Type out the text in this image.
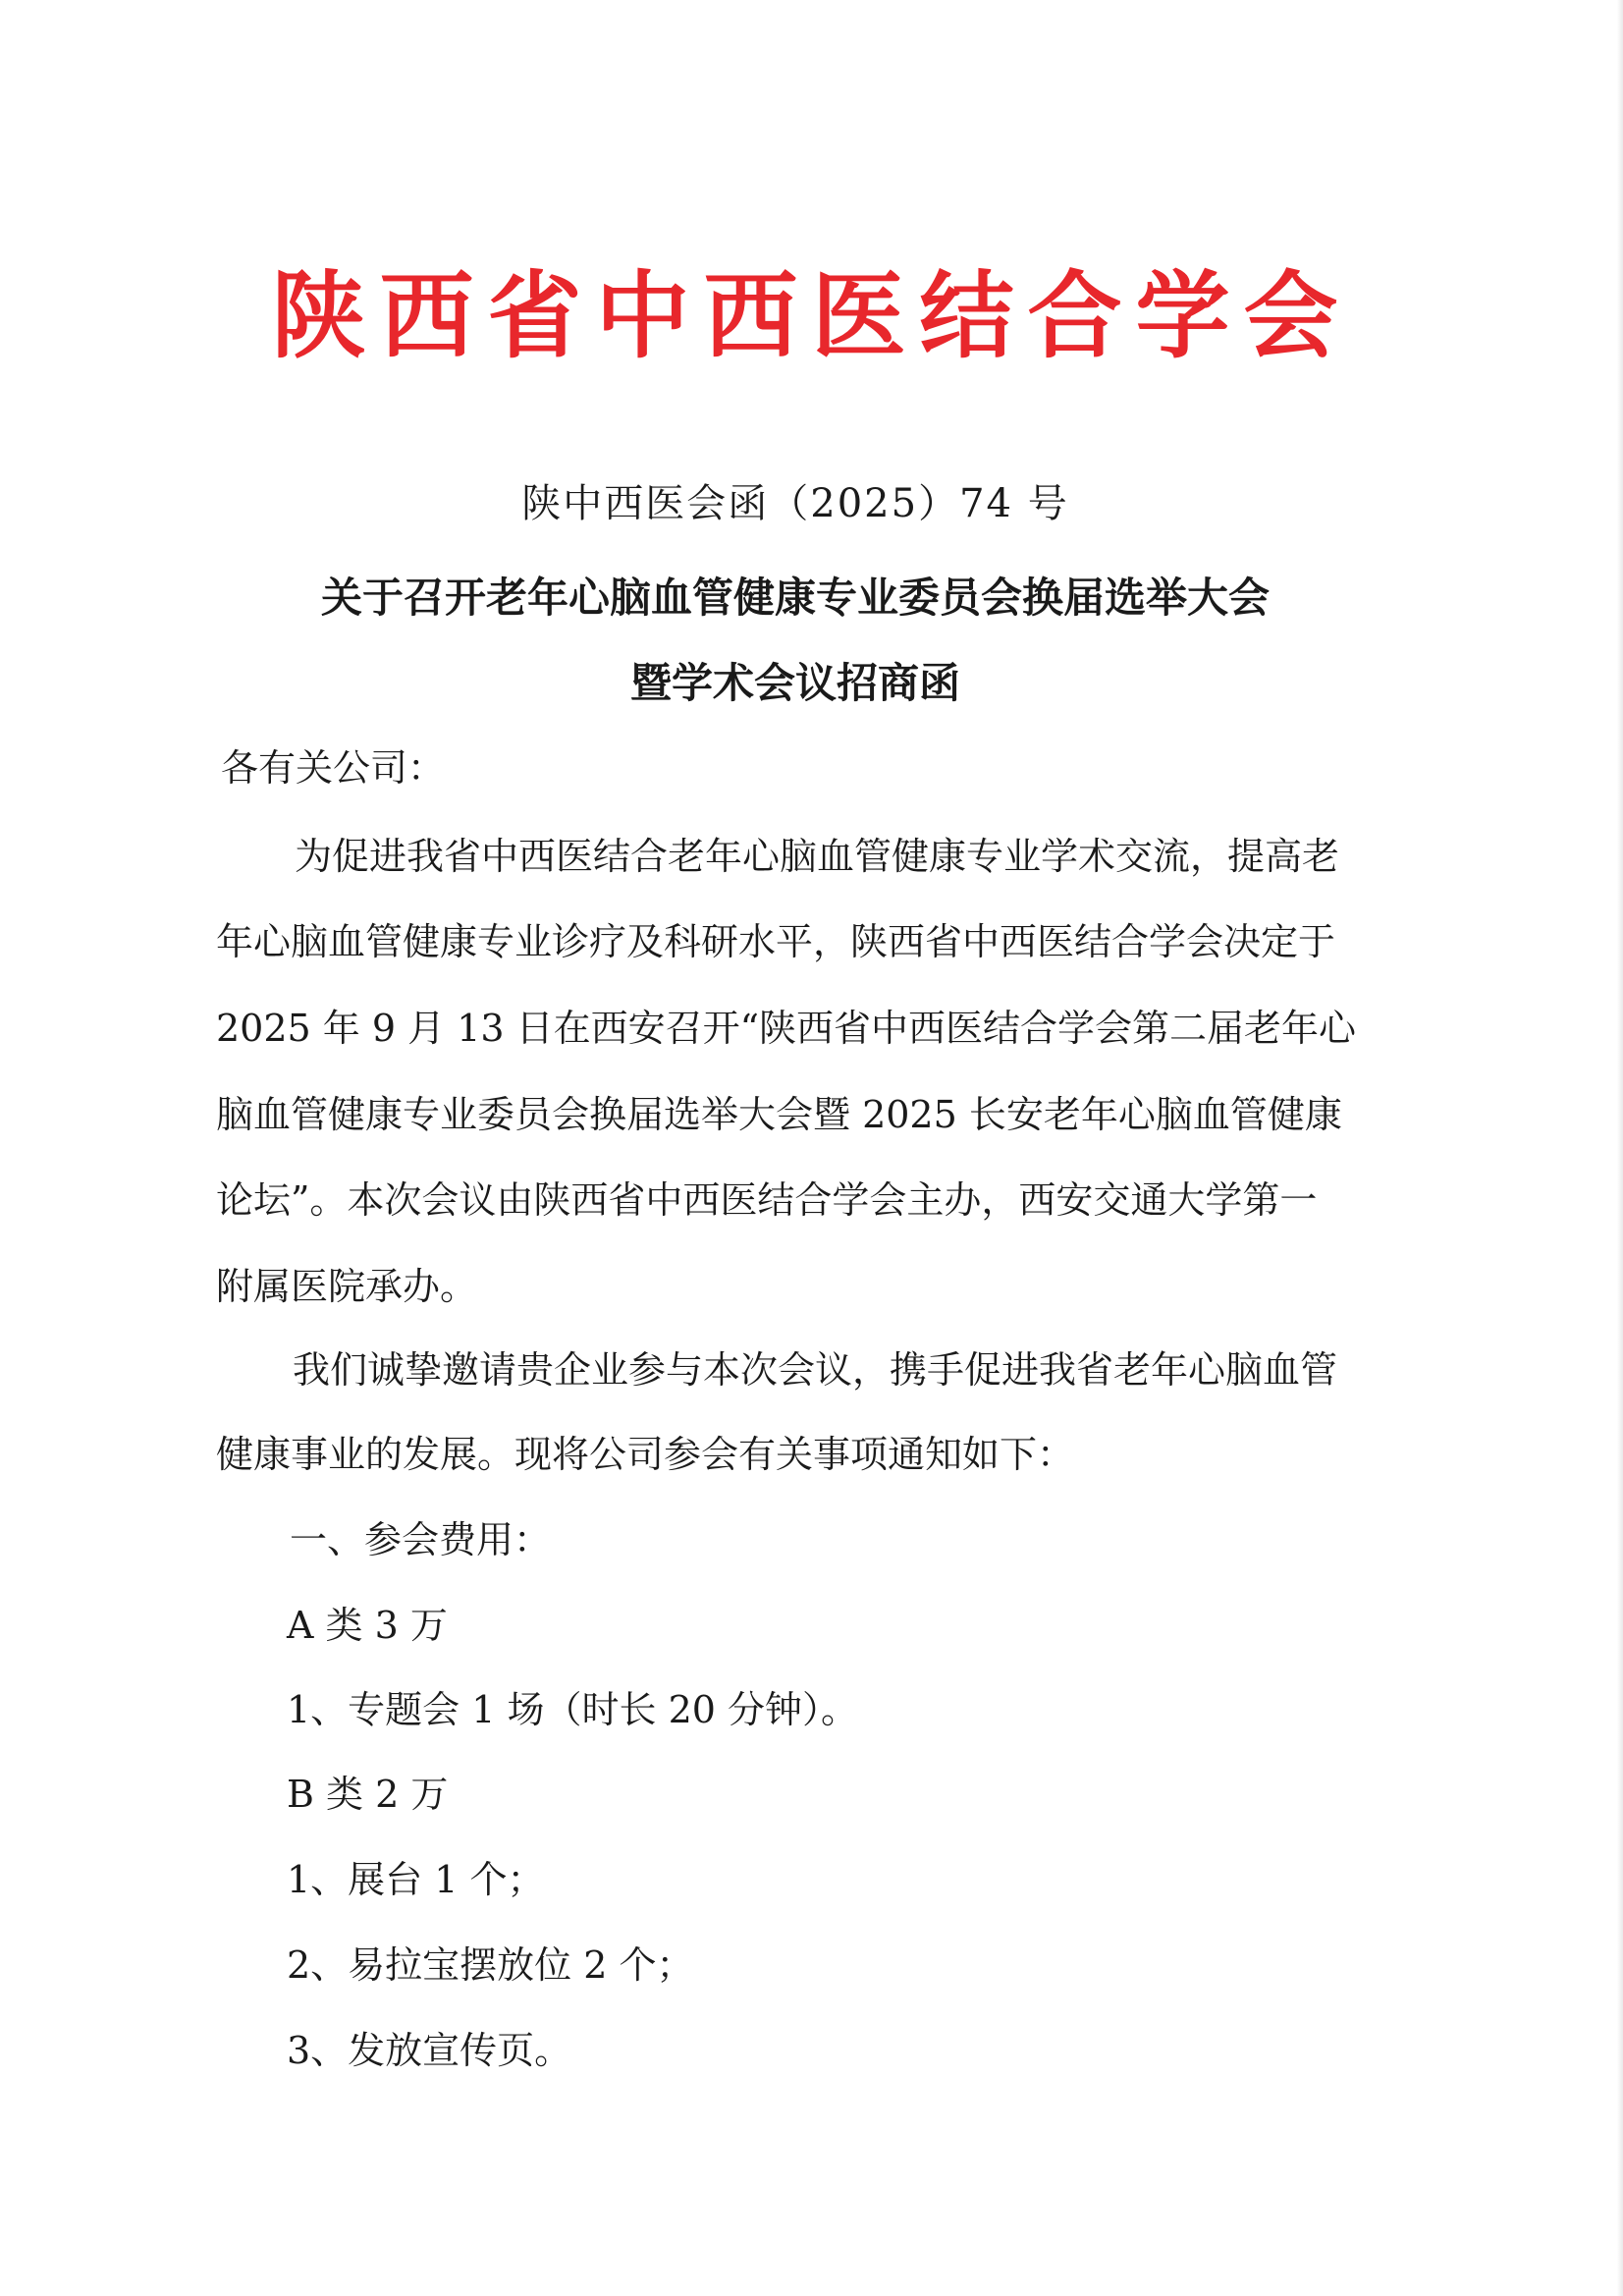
陕西省中西医结合学会
陕中西医会函（2025）74 号
关于召开老年心脑血管健康专业委员会换届选举大会
暨学术会议招商函
各有关公司：
为促进我省中西医结合老年心脑血管健康专业学术交流，提高老
年心脑血管健康专业诊疗及科研水平，陕西省中西医结合学会决定于
2025 年 9 月 13 日在西安召开“陕西省中西医结合学会第二届老年心
脑血管健康专业委员会换届选举大会暨 2025 长安老年心脑血管健康
论坛”。本次会议由陕西省中西医结合学会主办，西安交通大学第一
附属医院承办。
我们诚挚邀请贵企业参与本次会议，携手促进我省老年心脑血管
健康事业的发展。现将公司参会有关事项通知如下：
一、参会费用：
A 类 3 万
1、专题会 1 场（时长 20 分钟）。
B 类 2 万
1、展台 1 个；
2、易拉宝摆放位 2 个；
3、发放宣传页。
